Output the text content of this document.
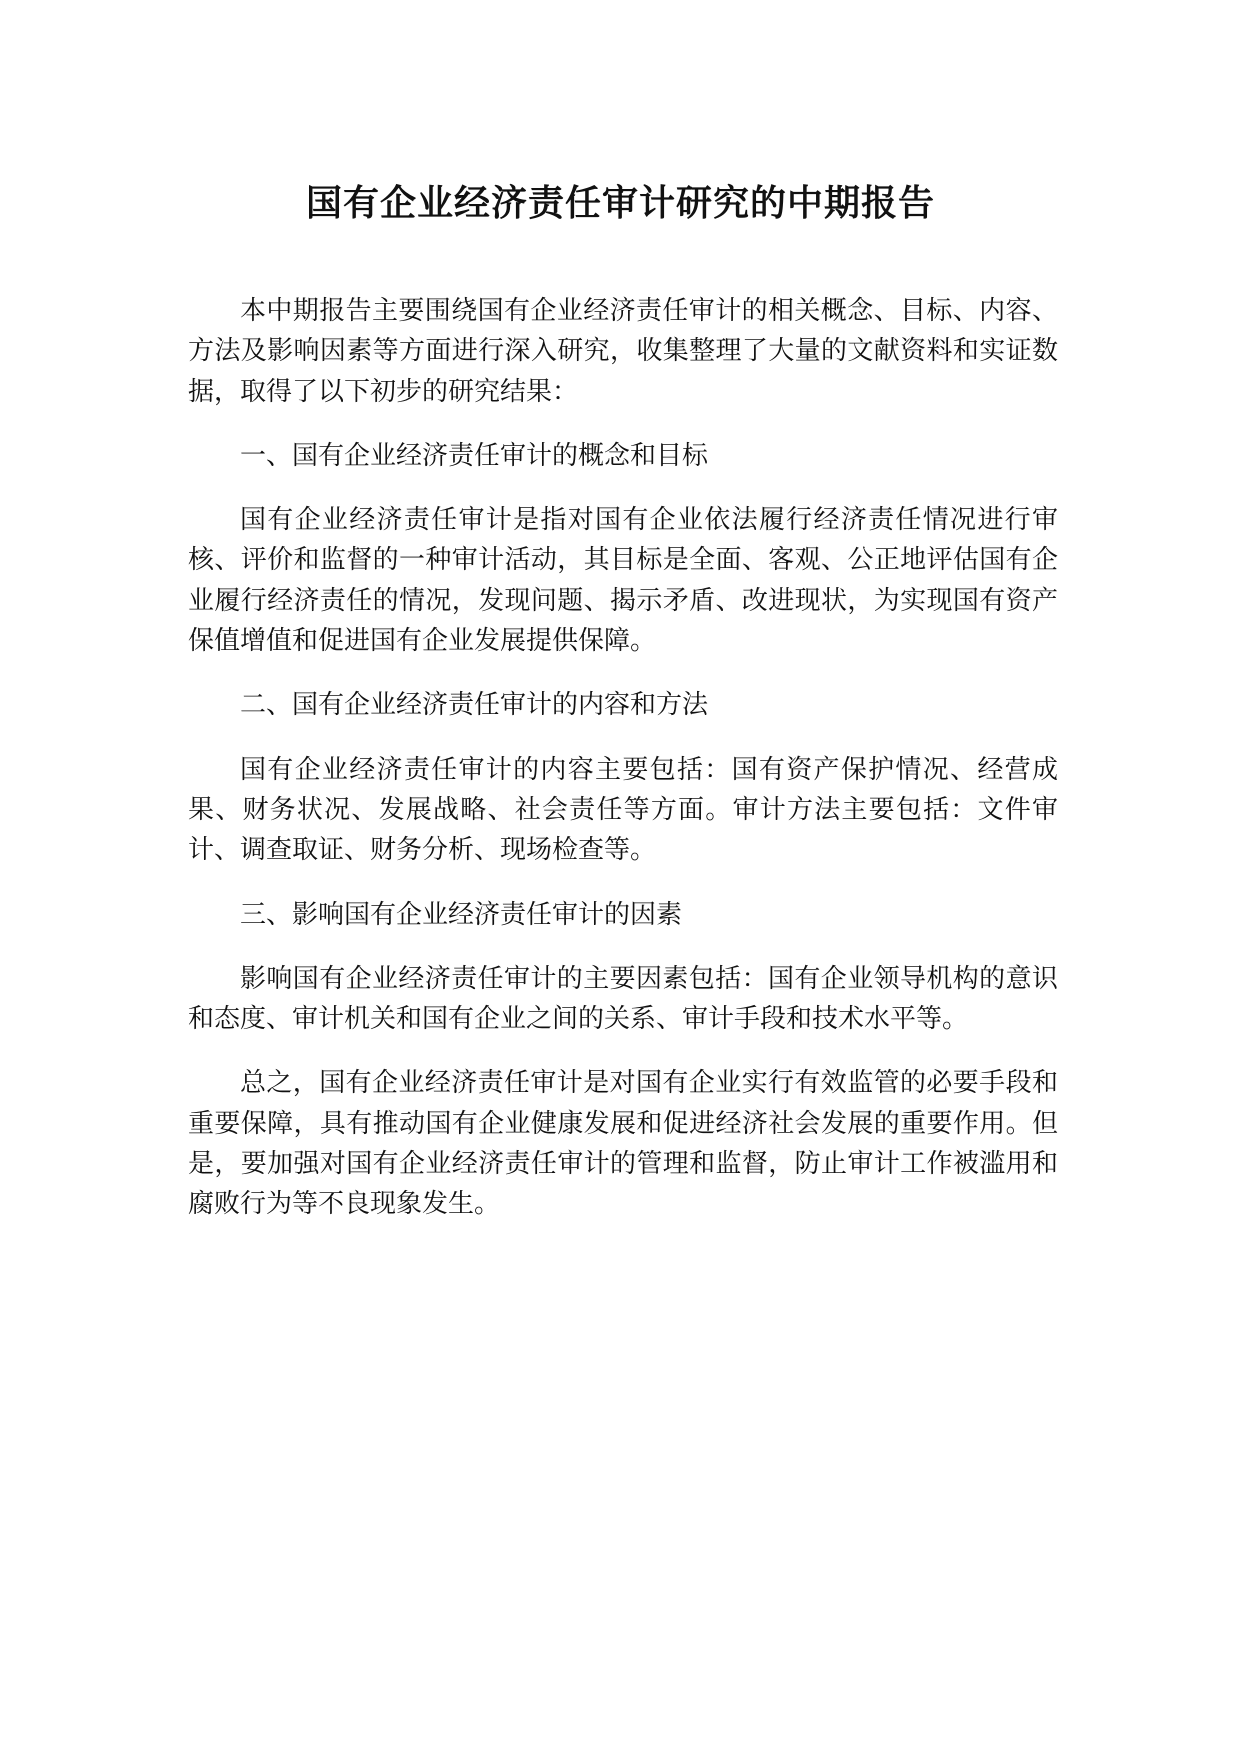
国有企业经济责任审计研究的中期报告

本中期报告主要围绕国有企业经济责任审计的相关概念、目标、内容、方法及影响因素等方面进行深入研究，收集整理了大量的文献资料和实证数据，取得了以下初步的研究结果：

一、国有企业经济责任审计的概念和目标

国有企业经济责任审计是指对国有企业依法履行经济责任情况进行审核、评价和监督的一种审计活动，其目标是全面、客观、公正地评估国有企业履行经济责任的情况，发现问题、揭示矛盾、改进现状，为实现国有资产保值增值和促进国有企业发展提供保障。

二、国有企业经济责任审计的内容和方法

国有企业经济责任审计的内容主要包括：国有资产保护情况、经营成果、财务状况、发展战略、社会责任等方面。审计方法主要包括：文件审计、调查取证、财务分析、现场检查等。

三、影响国有企业经济责任审计的因素

影响国有企业经济责任审计的主要因素包括：国有企业领导机构的意识和态度、审计机关和国有企业之间的关系、审计手段和技术水平等。

总之，国有企业经济责任审计是对国有企业实行有效监管的必要手段和重要保障，具有推动国有企业健康发展和促进经济社会发展的重要作用。但是，要加强对国有企业经济责任审计的管理和监督，防止审计工作被滥用和腐败行为等不良现象发生。
